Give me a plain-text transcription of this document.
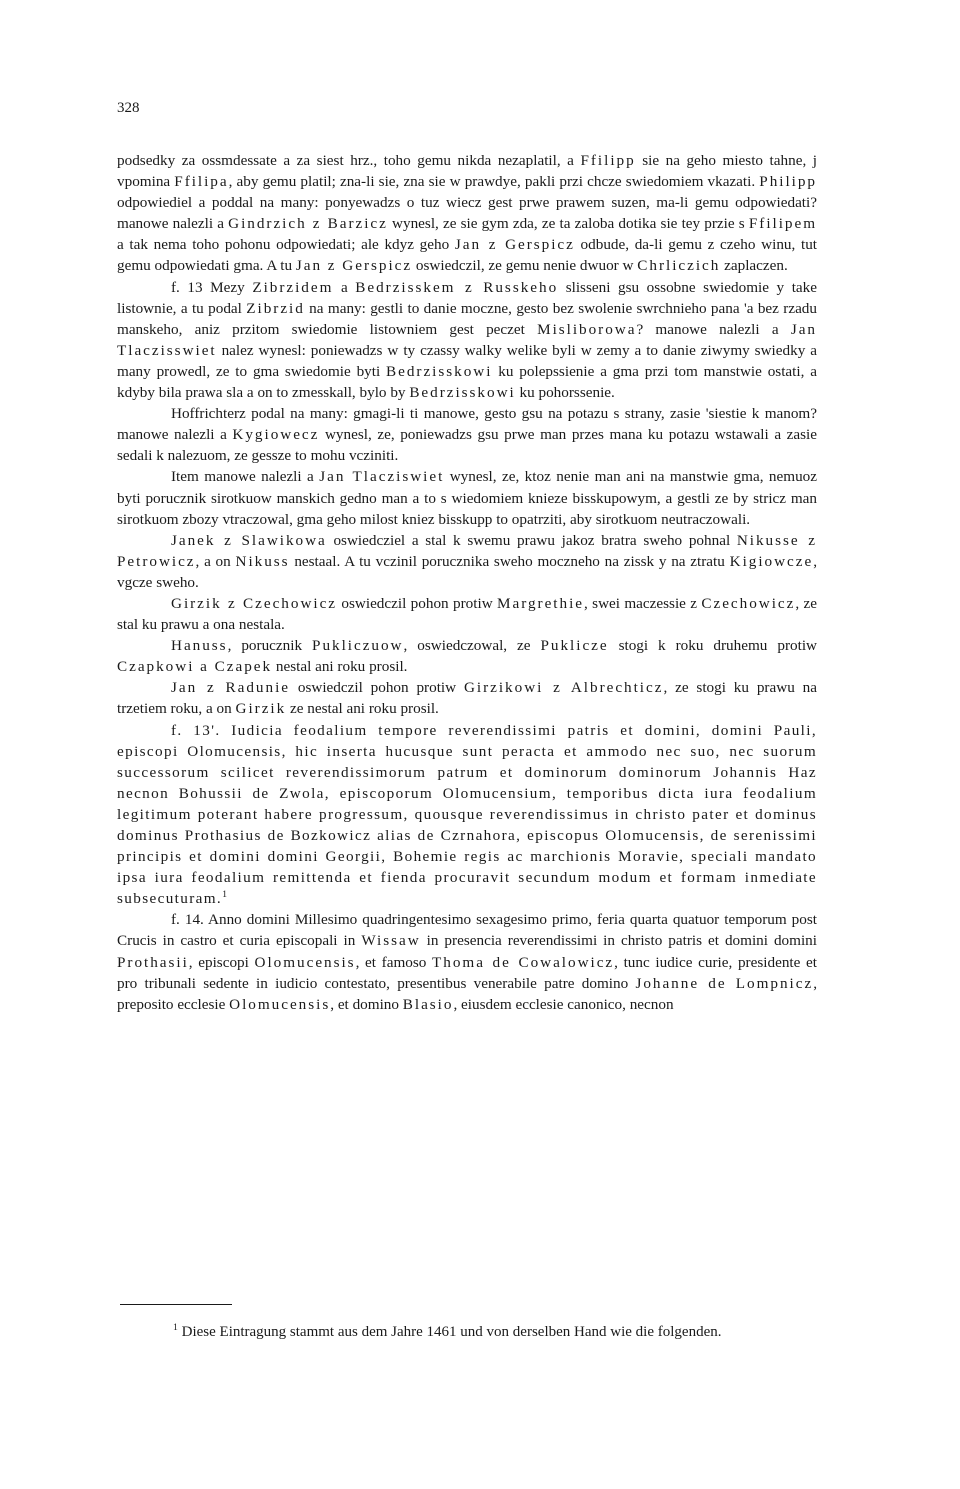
328

podsedky za ossmdessate a za siest hrz., toho gemu nikda nezaplatil, a Ffilipp sie na geho miesto tahne, j vpomina Ffilipa, aby gemu platil; zna-li sie, zna sie w prawdye, pakli przi chcze swiedomiem vkazati. Philipp odpowiediel a poddal na many: ponyewadzs o tuz wiecz gest prwe prawem suzen, ma-li gemu odpowiedati? manowe nalezli a Gindrzich z Barzicz wynesl, ze sie gym zda, ze ta zaloba dotika sie tey przie s Ffilipem a tak nema toho pohonu odpowiedati; ale kdyz geho Jan z Gerspicz odbude, da-li gemu z czeho winu, tut gemu odpowiedati gma. A tu Jan z Gerspicz oswiedczil, ze gemu nenie dwuor w Chrliczich zaplaczen.

f. 13 Mezy Zibrzidem a Bedrzisskem z Russkeho slisseni gsu ossobne swiedomie y take listownie, a tu podal Zibrzid na many: gestli to danie moczne, gesto bez swolenie swrchnieho pana 'a bez rzadu manskeho, aniz przitom swiedomie listowniem gest peczet Misliborowa? manowe nalezli a Jan Tlaczisswiet nalez wynesl: poniewadzs w ty czassy walky welike byli w zemy a to danie ziwymy swiedky a many prowedl, ze to gma swiedomie byti Bedrzisskowi ku polepssienie a gma przi tom manstwie ostati, a kdyby bila prawa sla a on to zmesskall, bylo by Bedrzisskowi ku pohorssenie.

Hoffrichterz podal na many: gmagi-li ti manowe, gesto gsu na potazu s strany, zasie 'siestie k manom? manowe nalezli a Kygiowecz wynesl, ze, poniewadzs gsu prwe man przes mana ku potazu wstawali a zasie sedali k nalezuom, ze gessze to mohu vcziniti.

Item manowe nalezli a Jan Tlacziswiet wynesl, ze, ktoz nenie man ani na manstwie gma, nemuoz byti porucznik sirotkuow manskich gedno man a to s wiedomiem knieze bisskupowym, a gestli ze by stricz man sirotkuom zbozy vtraczowal, gma geho milost kniez bisskupp to opatrziti, aby sirotkuom neutraczowali.

Janek z Slawikowa oswiedcziel a stal k swemu prawu jakoz bratra sweho pohnal Nikusse z Petrowicz, a on Nikuss nestaal. A tu vczinil porucznika sweho moczneho na zissk y na ztratu Kigiowcze, vgcze sweho.

Girzik z Czechowicz oswiedczil pohon protiw Margrethie, swei maczessie z Czechowicz, ze stal ku prawu a ona nestala.

Hanuss, porucznik Pukliczuow, oswiedczowal, ze Puklicze stogi k roku druhemu protiw Czapkowi a Czapek nestal ani roku prosil.

Jan z Radunie oswiedczil pohon protiw Girzikowi z Albrechticz, ze stogi ku prawu na trzetiem roku, a on Girzik ze nestal ani roku prosil.

f. 13'. Iudicia feodalium tempore reverendissimi patris et domini, domini Pauli, episcopi Olomucensis, hic inserta hucusque sunt peracta et ammodo nec suo, nec suorum successorum scilicet reverendissimorum patrum et dominorum dominorum Johannis Haz necnon Bohussii de Zwola, episcoporum Olomucensium, temporibus dicta iura feodalium legitimum poterant habere progressum, quousque reverendissimus in christo pater et dominus dominus Prothasius de Bozkowicz alias de Czrnahora, episcopus Olomucensis, de serenissimi principis et domini domini Georgii, Bohemie regis ac marchionis Moravie, speciali mandato ipsa iura feodalium remittenda et fienda procuravit secundum modum et formam inmediate subsecuturam.$^1$

f. 14. Anno domini Millesimo quadringentesimo sexagesimo primo, feria quarta quatuor temporum post Crucis in castro et curia episcopali in Wissaw in presencia reverendissimi in christo patris et domini domini Prothasii, episcopi Olomucensis, et famoso Thoma de Cowalowicz, tunc iudice curie, presidente et pro tribunali sedente in iudicio contestato, presentibus venerabile patre domino Johanne de Lompnicz, preposito ecclesie Olomucensis, et domino Blasio, eiusdem ecclesie canonico, necnon

$^1$ Diese Eintragung stammt aus dem Jahre 1461 und von derselben Hand wie die folgenden.
